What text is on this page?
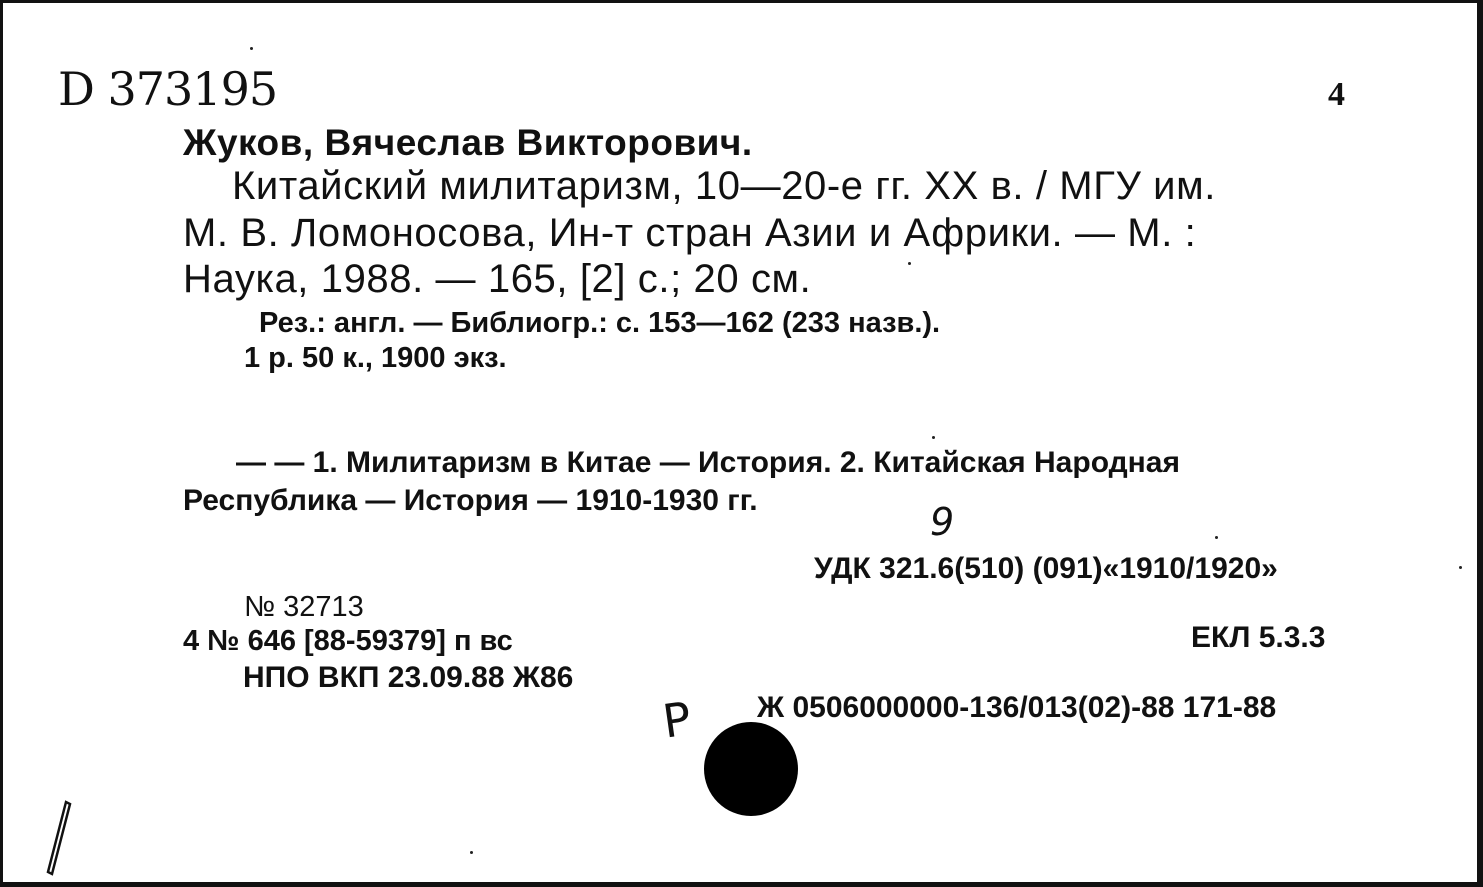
D 373195	4
Жуков, Вячеслав Викторович.
Китайский милитаризм, 10—20-е гг. XX в. / МГУ им.
М. В. Ломоносова, Ин-т стран Азии и Африки. — М. :
Наука, 1988. — 165, [2] с.; 20 см.
Рез.: англ. — Библиогр.: с. 153—162 (233 назв.).
1 р. 50 к., 1900 экз.
— — 1. Милитаризм в Китае — История. 2. Китайская Народная
Республика — История — 1910-1930 гг.	9
УДК 321.6(510) (091)«1910/1920»
№ 32713
4 № 646 [88-59379] п вс	ЕКЛ 5.3.3
НПО ВКП 23.09.88 Ж86
Ж 0506000000-136/013(02)-88 171-88
P
